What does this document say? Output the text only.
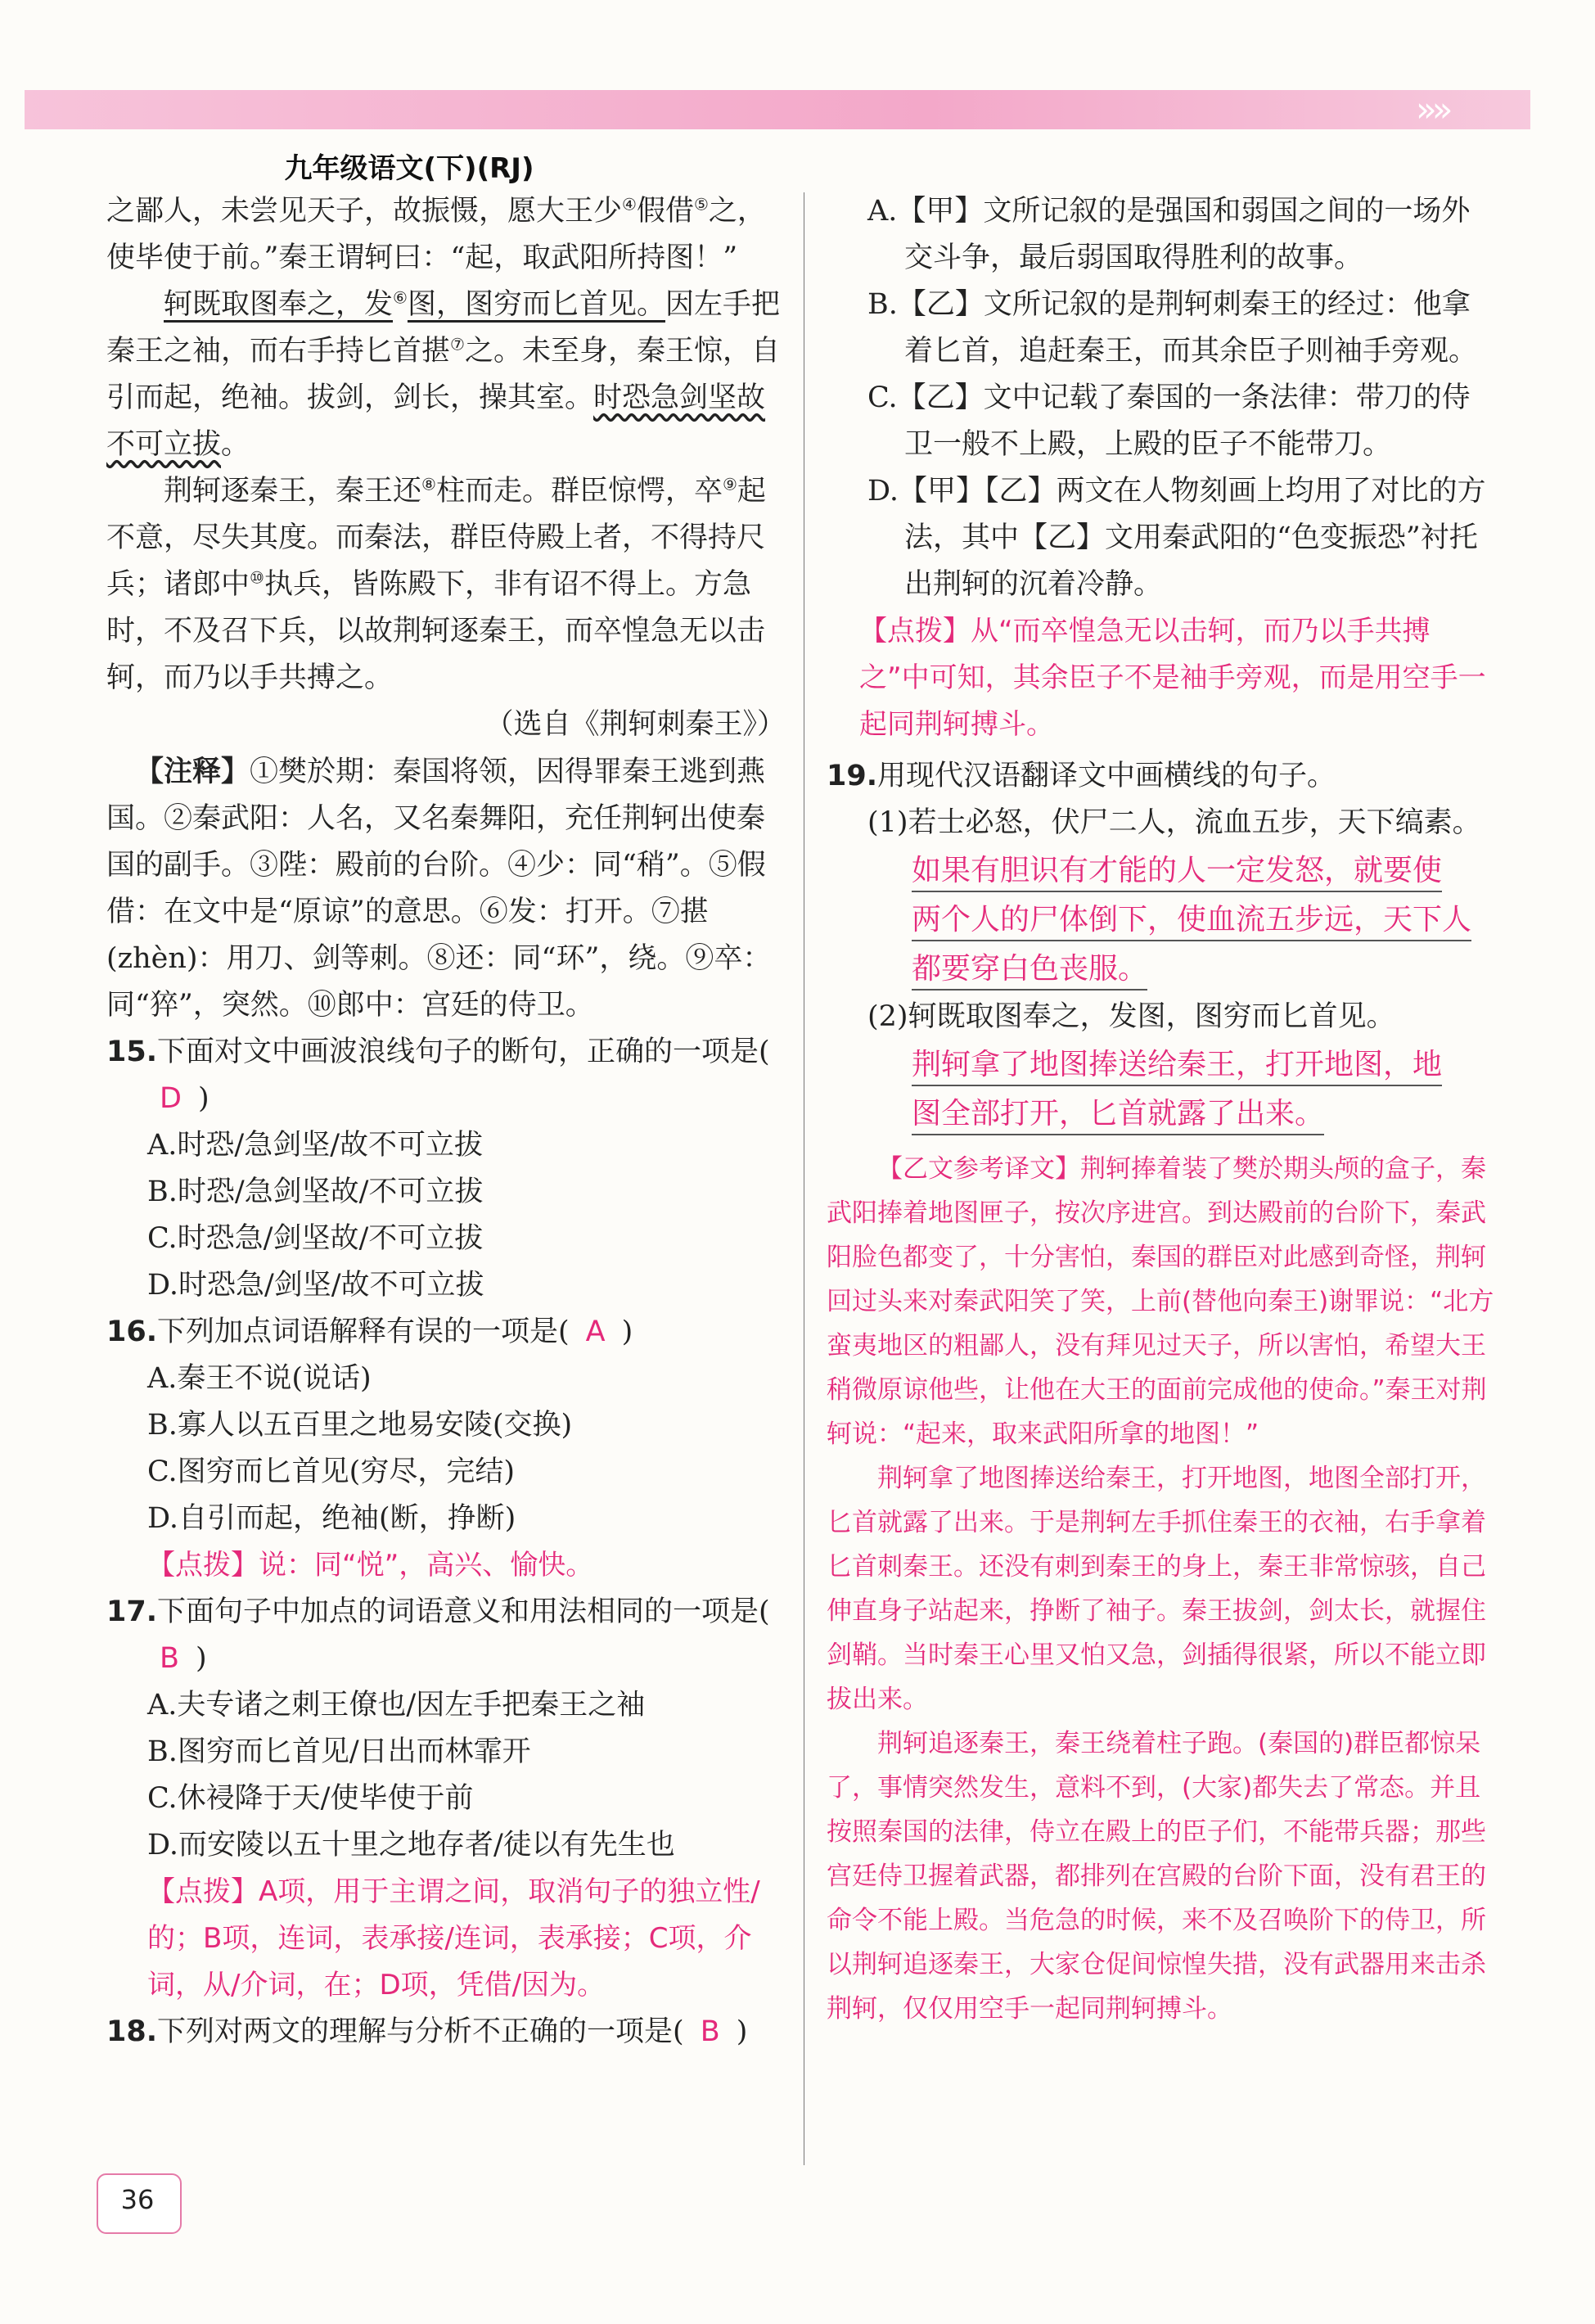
»»
九年级语文(下)(RJ)

之鄙人，未尝见天子，故振慑，愿大王少④假借⑤之，使毕使于前。”秦王谓轲曰：“起，取武阳所持图！”

轲既取图奉之，发⑥图，图穷而匕首见。因左手把秦王之袖，而右手持匕首揕⑦之。未至身，秦王惊，自引而起，绝袖。拔剑，剑长，操其室。时恐急剑坚故不可立拔。

荆轲逐秦王，秦王还⑧柱而走。群臣惊愕，卒⑨起不意，尽失其度。而秦法，群臣侍殿上者，不得持尺兵；诸郎中⑩执兵，皆陈殿下，非有诏不得上。方急时，不及召下兵，以故荆轲逐秦王，而卒惶急无以击轲，而乃以手共搏之。

（选自《荆轲刺秦王》）

【注释】①樊於期：秦国将领，因得罪秦王逃到燕国。②秦武阳：人名，又名秦舞阳，充任荆轲出使秦国的副手。③陛：殿前的台阶。④少：同“稍”。⑤假借：在文中是“原谅”的意思。⑥发：打开。⑦揕(zhèn)：用刀、剑等刺。⑧还：同“环”，绕。⑨卒：同“猝”，突然。⑩郎中：宫廷的侍卫。

15.下面对文中画波浪线句子的断句，正确的一项是(D )

A.时恐/急剑坚/故不可立拔

B.时恐/急剑坚故/不可立拔

C.时恐急/剑坚故/不可立拔

D.时恐急/剑坚/故不可立拔

16.下列加点词语解释有误的一项是( A )

A.秦王不说(说话)

B.寡人以五百里之地易安陵(交换)

C.图穷而匕首见(穷尽，完结)

D.自引而起，绝袖(断，挣断)

【点拨】说：同“悦”，高兴、愉快。

17.下面句子中加点的词语意义和用法相同的一项是(B )

A.夫专诸之刺王僚也/因左手把秦王之袖

B.图穷而匕首见/日出而林霏开

C.休祲降于天/使毕使于前

D.而安陵以五十里之地存者/徒以有先生也

【点拨】A项，用于主谓之间，取消句子的独立性/的；B项，连词，表承接/连词，表承接；C项，介词，从/介词，在；D项，凭借/因为。

18.下列对两文的理解与分析不正确的一项是( B )

A.【甲】文所记叙的是强国和弱国之间的一场外交斗争，最后弱国取得胜利的故事。

B.【乙】文所记叙的是荆轲刺秦王的经过：他拿着匕首，追赶秦王，而其余臣子则袖手旁观。

C.【乙】文中记载了秦国的一条法律：带刀的侍卫一般不上殿，上殿的臣子不能带刀。

D.【甲】【乙】两文在人物刻画上均用了对比的方法，其中【乙】文用秦武阳的“色变振恐”衬托出荆轲的沉着冷静。

【点拨】从“而卒惶急无以击轲，而乃以手共搏之”中可知，其余臣子不是袖手旁观，而是用空手一起同荆轲搏斗。

19.用现代汉语翻译文中画横线的句子。

(1)若士必怒，伏尸二人，流血五步，天下缟素。

如果有胆识有才能的人一定发怒，就要使
两个人的尸体倒下，使血流五步远，天下人
都要穿白色丧服。

(2)轲既取图奉之，发图，图穷而匕首见。

荆轲拿了地图捧送给秦王，打开地图，地
图全部打开，匕首就露了出来。

【乙文参考译文】荆轲捧着装了樊於期头颅的盒子，秦武阳捧着地图匣子，按次序进宫。到达殿前的台阶下，秦武阳脸色都变了，十分害怕，秦国的群臣对此感到奇怪，荆轲回过头来对秦武阳笑了笑，上前(替他向秦王)谢罪说：“北方蛮夷地区的粗鄙人，没有拜见过天子，所以害怕，希望大王稍微原谅他些，让他在大王的面前完成他的使命。”秦王对荆轲说：“起来，取来武阳所拿的地图！”

荆轲拿了地图捧送给秦王，打开地图，地图全部打开，匕首就露了出来。于是荆轲左手抓住秦王的衣袖，右手拿着匕首刺秦王。还没有刺到秦王的身上，秦王非常惊骇，自己伸直身子站起来，挣断了袖子。秦王拔剑，剑太长，就握住剑鞘。当时秦王心里又怕又急，剑插得很紧，所以不能立即拔出来。

荆轲追逐秦王，秦王绕着柱子跑。(秦国的)群臣都惊呆了，事情突然发生，意料不到，(大家)都失去了常态。并且按照秦国的法律，侍立在殿上的臣子们，不能带兵器；那些宫廷侍卫握着武器，都排列在宫殿的台阶下面，没有君王的命令不能上殿。当危急的时候，来不及召唤阶下的侍卫，所以荆轲追逐秦王，大家仓促间惊惶失措，没有武器用来击杀荆轲，仅仅用空手一起同荆轲搏斗。

36
